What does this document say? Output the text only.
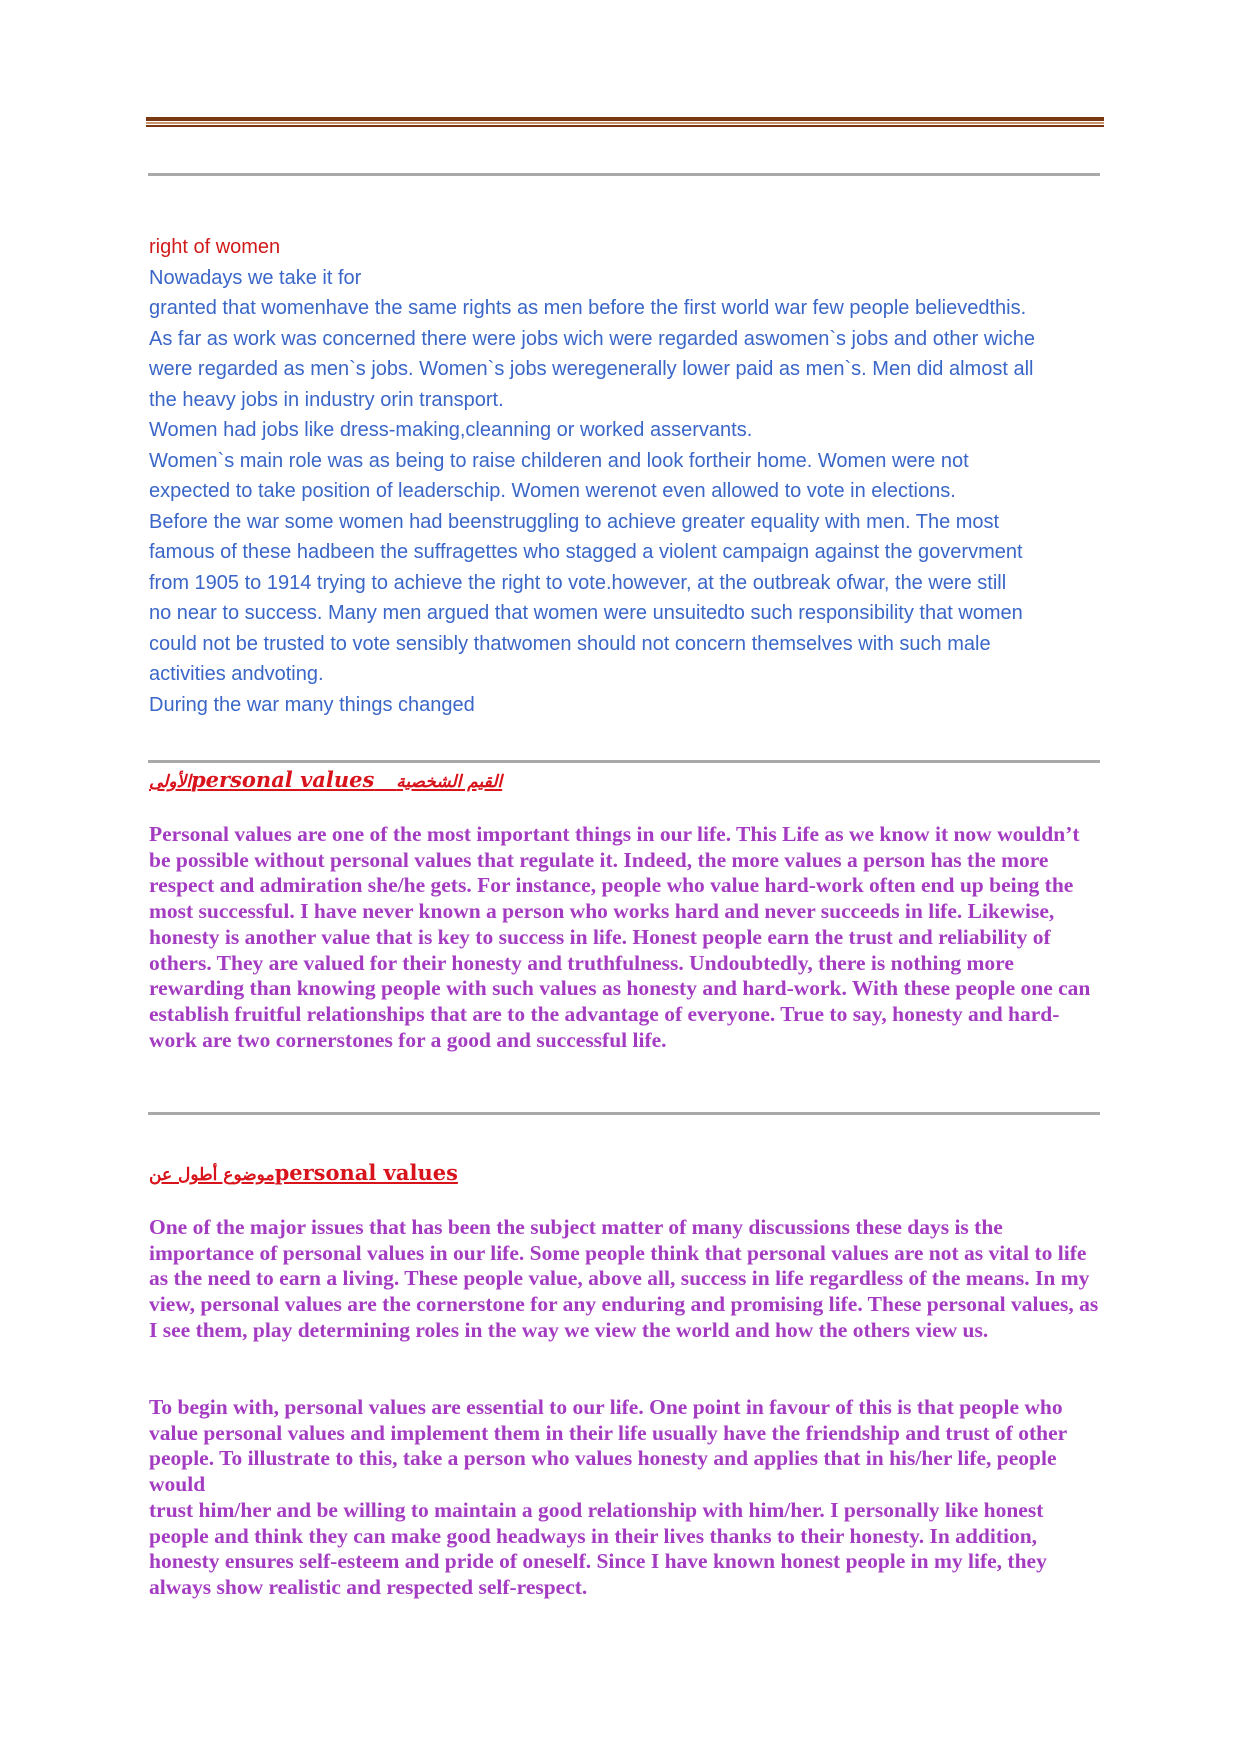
right of women

Nowadays we take it for

granted that womenhave the same rights as men before the first world war few people believedthis.

As far as work was concerned there were jobs wich were regarded aswomen`s jobs and other wiche

were regarded as men`s jobs. Women`s jobs weregenerally lower paid as men`s. Men did almost all

the heavy jobs in industry orin transport.

Women had jobs like dress-making,cleanning or worked asservants.

Women`s main role was as being to raise childeren and look fortheir home. Women were not

expected to take position of leaderschip. Women werenot even allowed to vote in elections.

Before the war some women had beenstruggling to achieve greater equality with men. The most

famous of these hadbeen the suffragettes who stagged a violent campaign against the govervment

from 1905 to 1914 trying to achieve the right to vote.however, at the outbreak ofwar, the were still

no near to success. Many men argued that women were unsuitedto such responsibility that women

could not be trusted to vote sensibly thatwomen should not concern themselves with such male

activities andvoting.

During the war many things changed

الأولىpersonal values القيم الشخصية

Personal values are one of the most important things in our life. This Life as we know it now wouldn’t be possible without personal values that regulate it. Indeed, the more values a person has the more respect and admiration she/he gets. For instance, people who value hard-work often end up being the most successful. I have never known a person who works hard and never succeeds in life. Likewise, honesty is another value that is key to success in life. Honest people earn the trust and reliability of others. They are valued for their honesty and truthfulness. Undoubtedly, there is nothing more rewarding than knowing people with such values as honesty and hard-work. With these people one can establish fruitful relationships that are to the advantage of everyone. True to say, honesty and hard-work are two cornerstones for a good and successful life.

موضوع أطول عنpersonal values

One of the major issues that has been the subject matter of many discussions these days is the importance of personal values in our life. Some people think that personal values are not as vital to life as the need to earn a living. These people value, above all, success in life regardless of the means. In my view, personal values are the cornerstone for any enduring and promising life. These personal values, as I see them, play determining roles in the way we view the world and how the others view us.

To begin with, personal values are essential to our life. One point in favour of this is that people who value personal values and implement them in their life usually have the friendship and trust of other people. To illustrate to this, take a person who values honesty and applies that in his/her life, people would

trust him/her and be willing to maintain a good relationship with him/her. I personally like honest people and think they can make good headways in their lives thanks to their honesty. In addition, honesty ensures self-esteem and pride of oneself. Since I have known honest people in my life, they always show realistic and respected self-respect.
